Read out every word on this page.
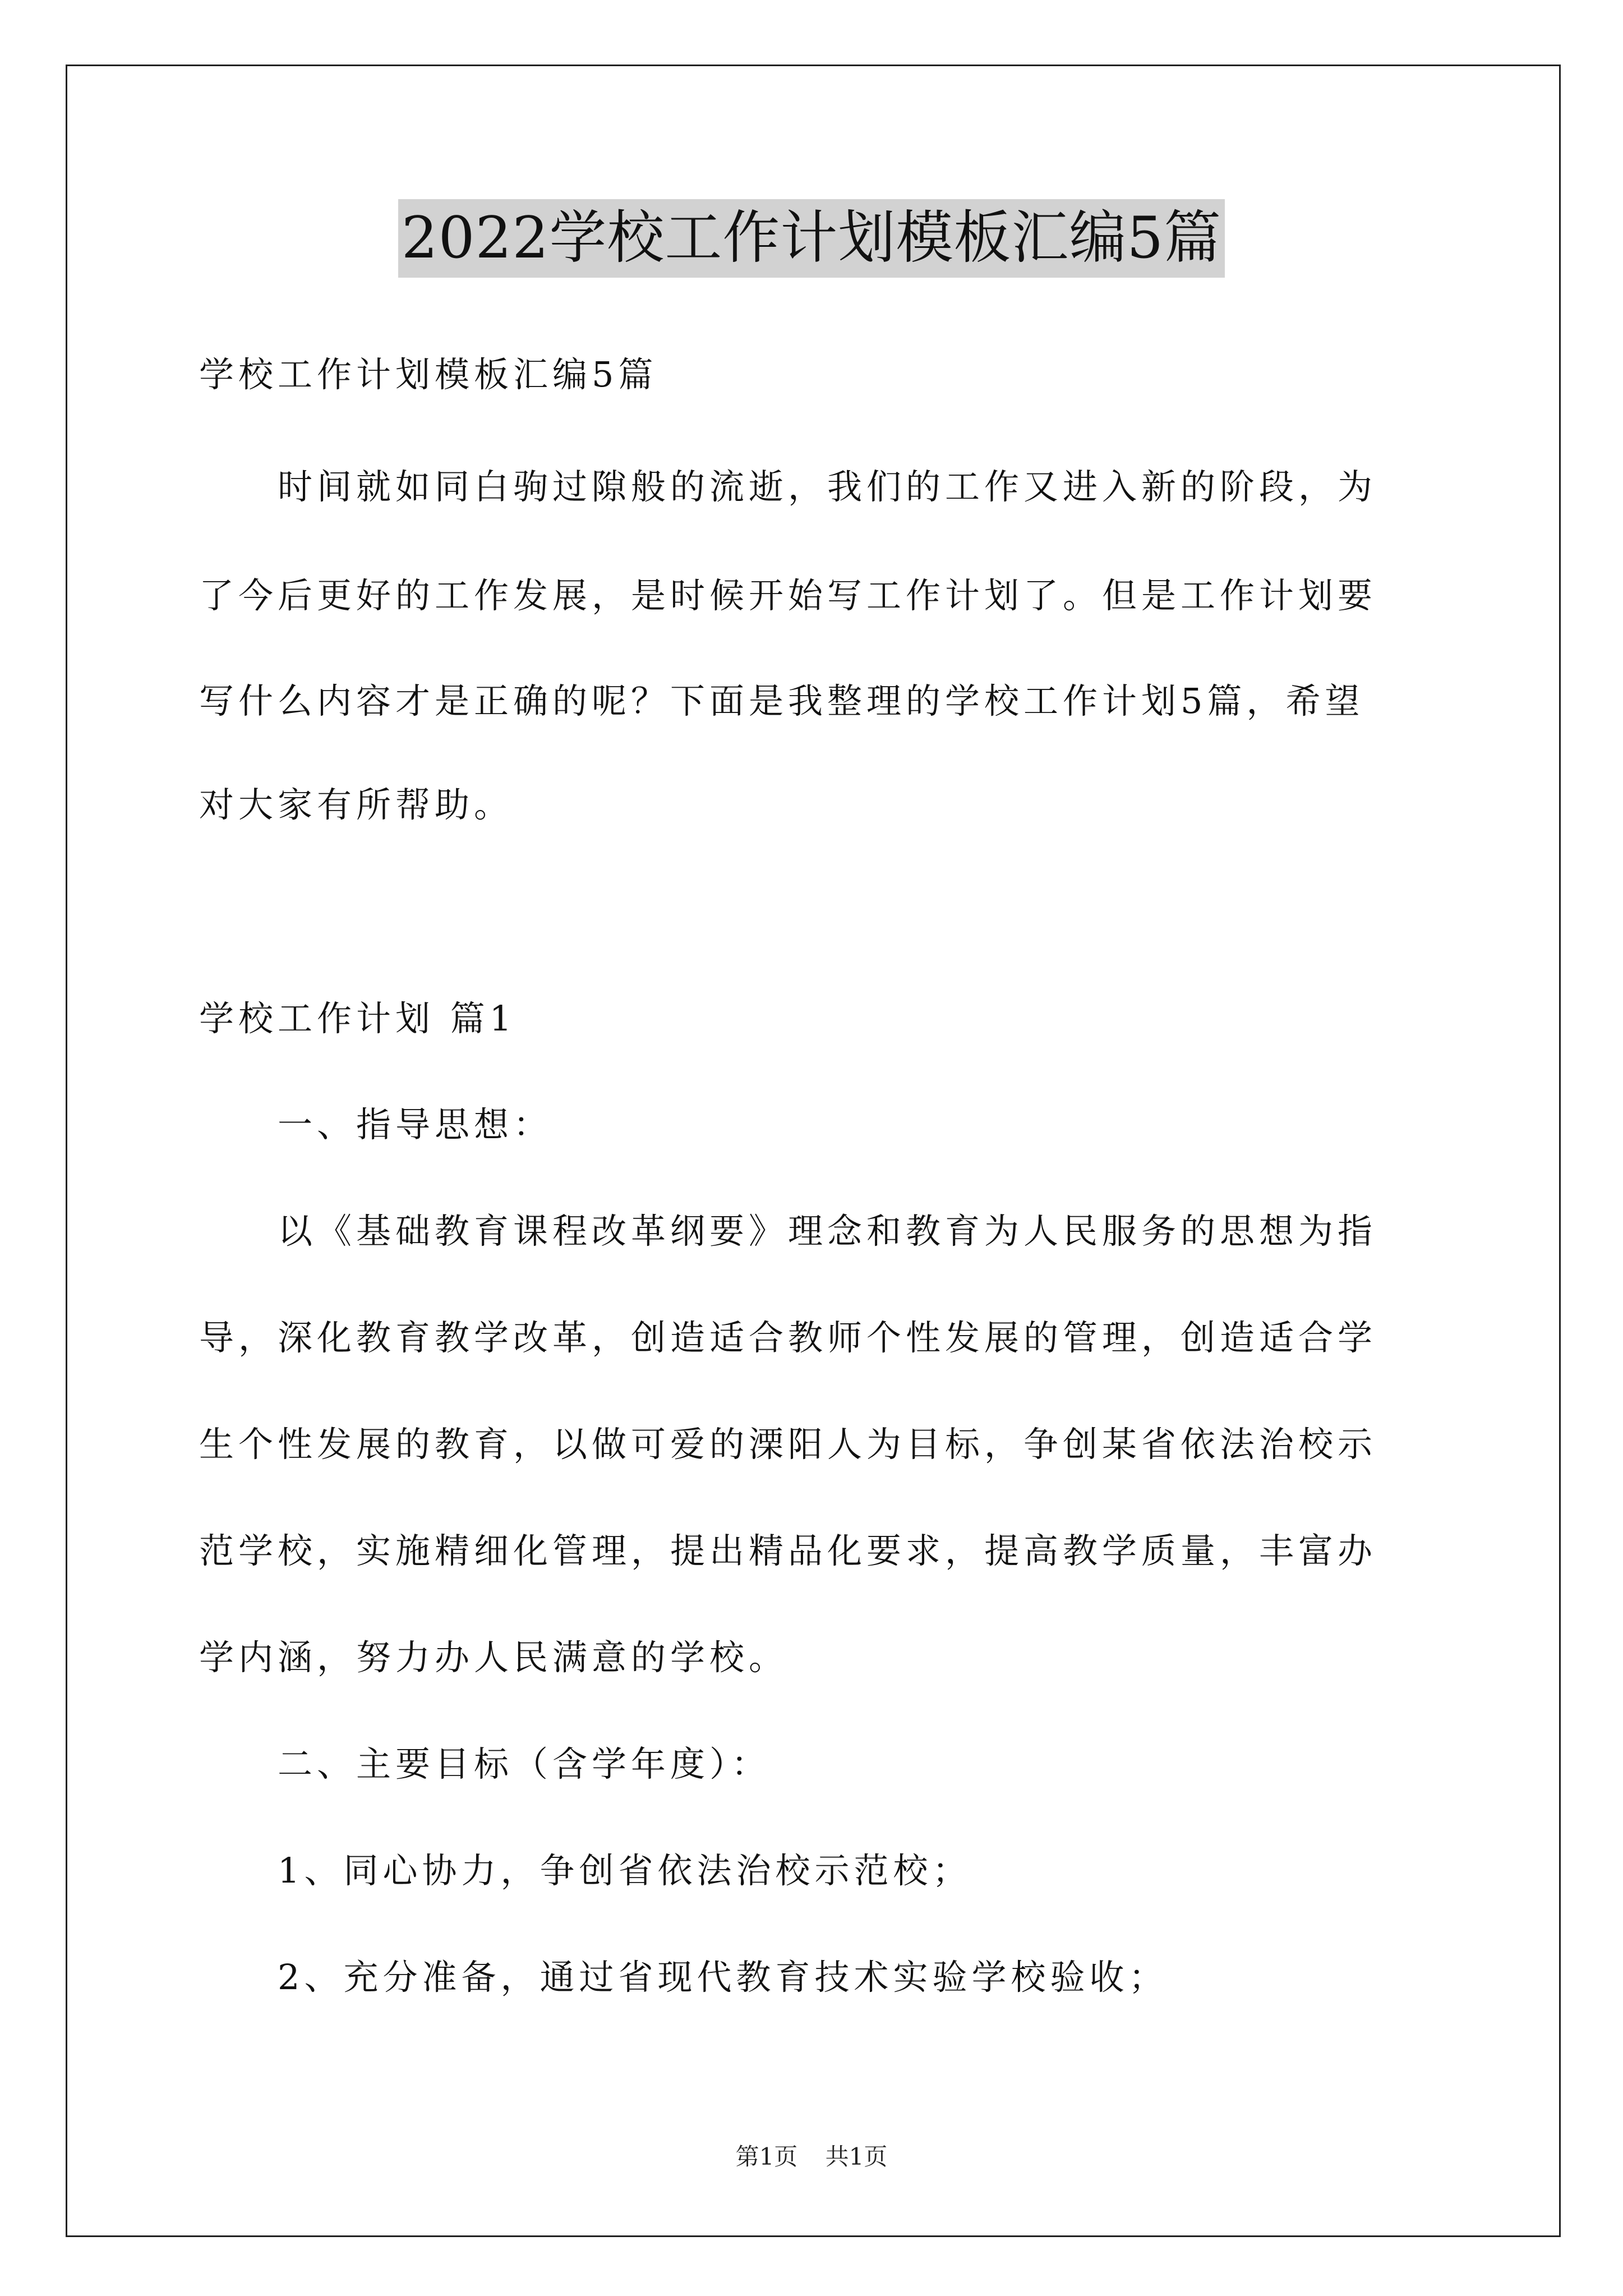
2022学校工作计划模板汇编5篇

学校工作计划模板汇编5篇

　　时间就如同白驹过隙般的流逝，我们的工作又进入新的阶段，为

了今后更好的工作发展，是时候开始写工作计划了。但是工作计划要

写什么内容才是正确的呢？下面是我整理的学校工作计划5篇，希望

对大家有所帮助。

学校工作计划 篇1

　　一、指导思想：

　　以《基础教育课程改革纲要》理念和教育为人民服务的思想为指

导，深化教育教学改革，创造适合教师个性发展的管理，创造适合学

生个性发展的教育，以做可爱的溧阳人为目标，争创某省依法治校示

范学校，实施精细化管理，提出精品化要求，提高教学质量，丰富办

学内涵，努力办人民满意的学校。

　　二、主要目标（含学年度）：

　　1、同心协力，争创省依法治校示范校；

　　2、充分准备，通过省现代教育技术实验学校验收；

第1页 共1页
